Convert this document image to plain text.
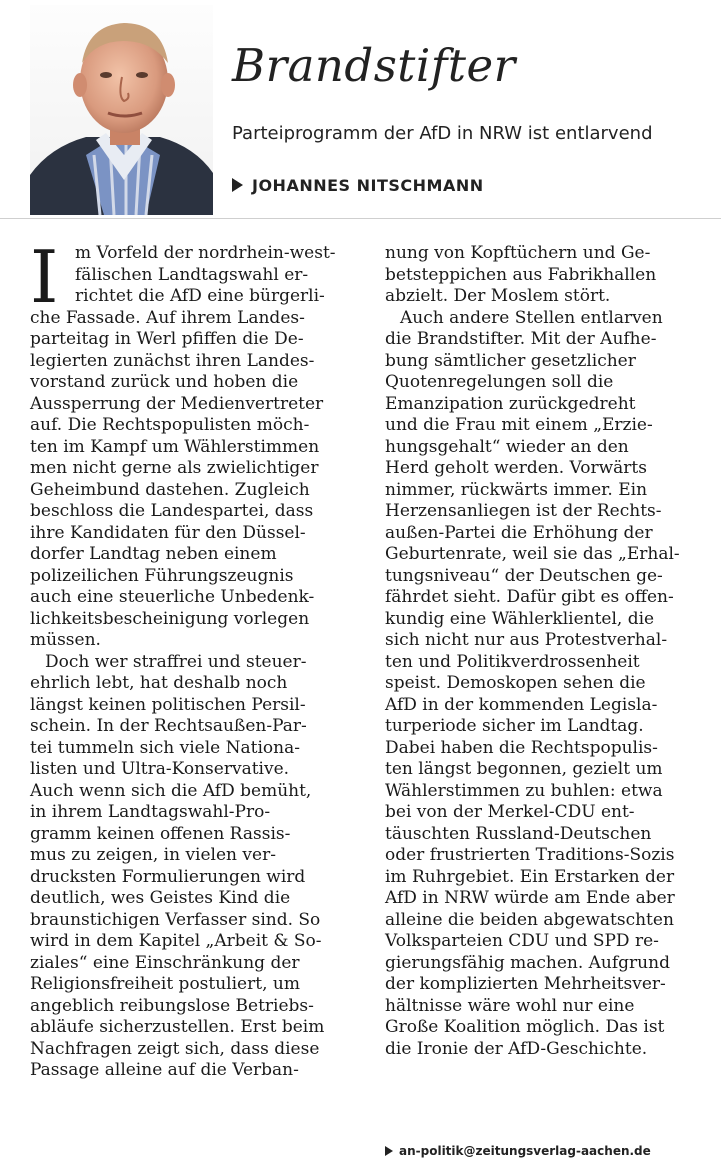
Brandstifter
Parteiprogramm der AfD in NRW ist entlarvend
JOHANNES NITSCHMANN
I m Vorfeld der nordrhein-west-
fälischen Landtagswahl er-
richtet die AfD eine bürgerli-
che Fassade. Auf ihrem Landes-
parteitag in Werl pfiffen die De-
legierten zunächst ihren Landes-
vorstand zurück und hoben die
Aussperrung der Medienvertreter
auf. Die Rechtspopulisten möch-
ten im Kampf um Wählerstimmen
men nicht gerne als zwielichtiger
Geheimbund dastehen. Zugleich
beschloss die Landespartei, dass
ihre Kandidaten für den Düssel-
dorfer Landtag neben einem
polizeilichen Führungszeugnis
auch eine steuerliche Unbedenk-
lichkeitsbescheinigung vorlegen
müssen.
Doch wer straffrei und steuer-
ehrlich lebt, hat deshalb noch
längst keinen politischen Persil-
schein. In der Rechtsaußen-Par-
tei tummeln sich viele Nationa-
listen und Ultra-Konservative.
Auch wenn sich die AfD bemüht,
in ihrem Landtagswahl-Pro-
gramm keinen offenen Rassis-
mus zu zeigen, in vielen ver-
drucksten Formulierungen wird
deutlich, wes Geistes Kind die
braunstichigen Verfasser sind. So
wird in dem Kapitel „Arbeit & So-
ziales“ eine Einschränkung der
Religionsfreiheit postuliert, um
angeblich reibungslose Betriebs-
abläufe sicherzustellen. Erst beim
Nachfragen zeigt sich, dass diese
Passage alleine auf die Verban-
nung von Kopftüchern und Ge-
betsteppichen aus Fabrikhallen
abzielt. Der Moslem stört.
Auch andere Stellen entlarven
die Brandstifter. Mit der Aufhe-
bung sämtlicher gesetzlicher
Quotenregelungen soll die
Emanzipation zurückgedreht
und die Frau mit einem „Erzie-
hungsgehalt“ wieder an den
Herd geholt werden. Vorwärts
nimmer, rückwärts immer. Ein
Herzensanliegen ist der Rechts-
außen-Partei die Erhöhung der
Geburtenrate, weil sie das „Erhal-
tungsniveau“ der Deutschen ge-
fährdet sieht. Dafür gibt es offen-
kundig eine Wählerklientel, die
sich nicht nur aus Protestverhal-
ten und Politikverdrossenheit
speist. Demoskopen sehen die
AfD in der kommenden Legisla-
turperiode sicher im Landtag.
Dabei haben die Rechtspopulis-
ten längst begonnen, gezielt um
Wählerstimmen zu buhlen: etwa
bei von der Merkel-CDU ent-
täuschten Russland-Deutschen
oder frustrierten Traditions-Sozis
im Ruhrgebiet. Ein Erstarken der
AfD in NRW würde am Ende aber
alleine die beiden abgewatschten
Volksparteien CDU und SPD re-
gierungsfähig machen. Aufgrund
der komplizierten Mehrheitsver-
hältnisse wäre wohl nur eine
Große Koalition möglich. Das ist
die Ironie der AfD-Geschichte.
an-politik@zeitungsverlag-aachen.de
